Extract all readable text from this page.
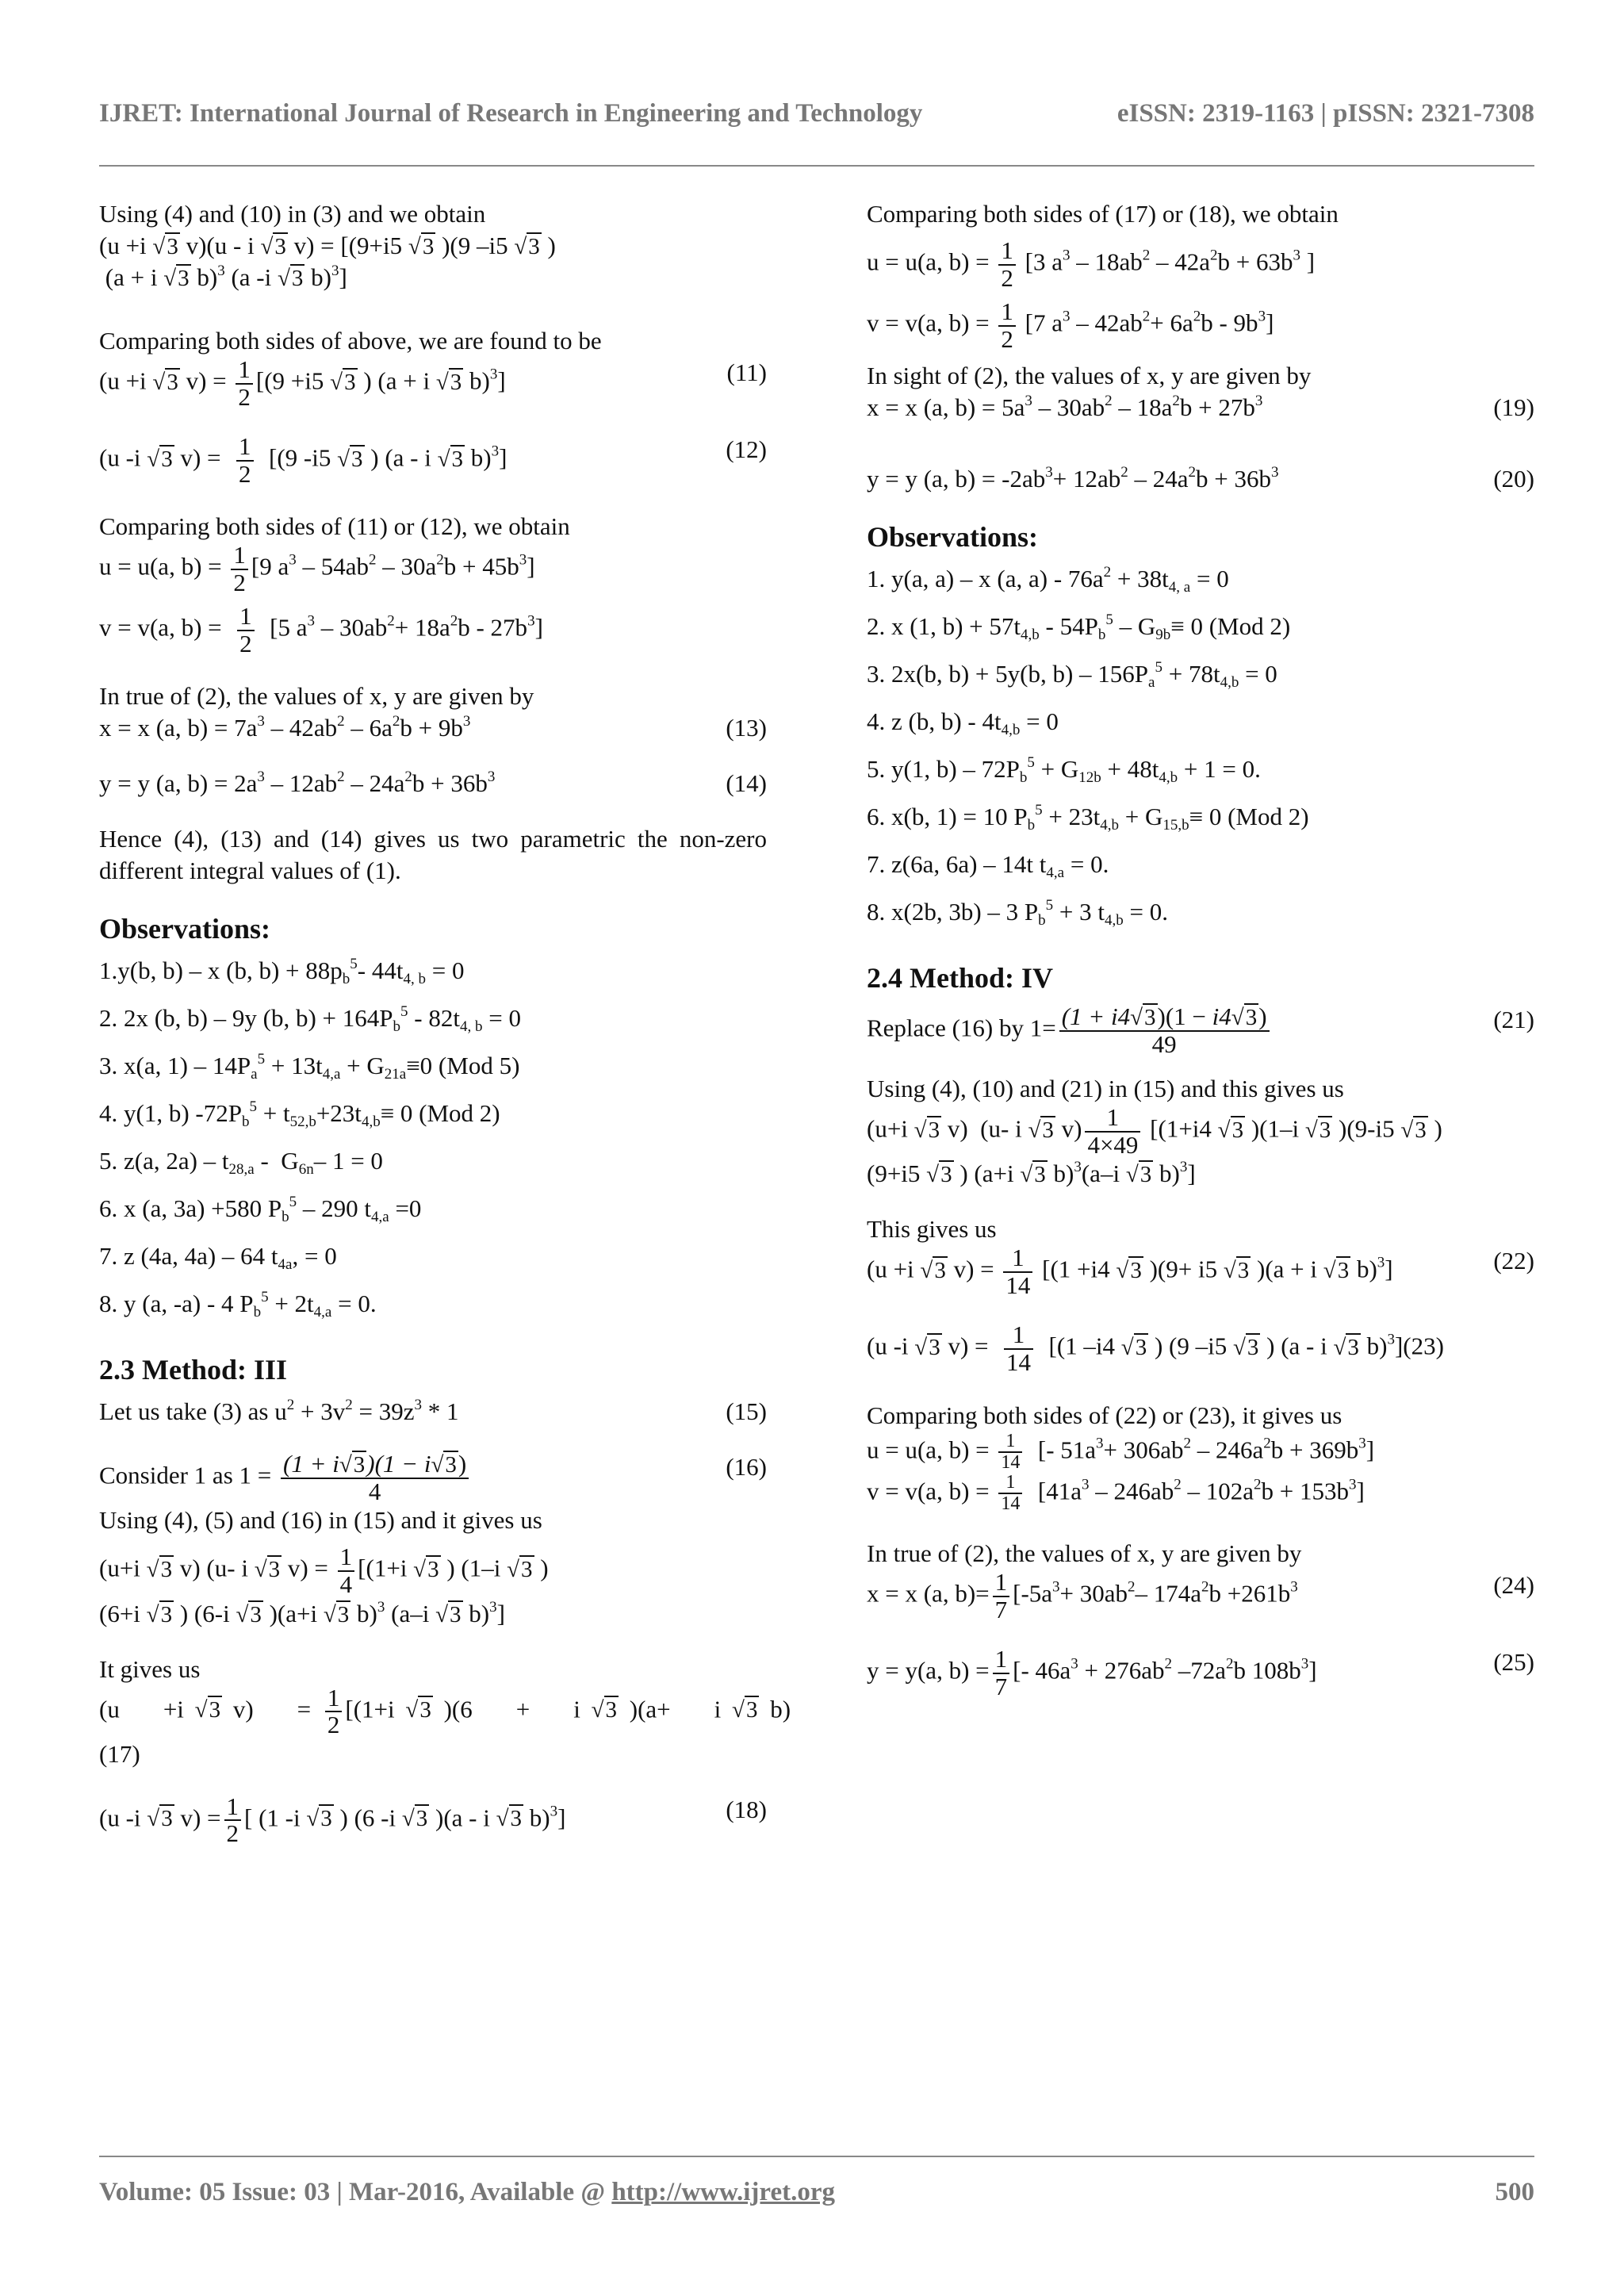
IJRET: International Journal of Research in Engineering and Technology	eISSN: 2319-1163 | pISSN: 2321-7308

Using (4) and (10) in (3) and we obtain

(u +i √3 v)(u - i √3 v) = [(9+i5 √3 )(9 –i5 √3 )

(a + i √3 b)$^3$ (a -i √3 b)$^3$]

Comparing both sides of above, we are found to be

(u +i √3 $v) = \frac{1}{2} [(9 +i5$ √3 ) (a + i √3 b)$^3$]	(11)

(u -i √3 $v) = \frac{1}{2} [(9$ -i5 √3 ) (a - i √3 b)$^3$]	(12)

Comparing both sides of (11) or (12), we obtain

u = u(a, $b) = \frac{1}{2} [9$ $a^3 - 54ab^2 - 30a^2b + 45b^3$]

v = v(a, $b) = \frac{1}{2} [5$ $a^3 - 30ab^2+ 18a^2b - 27b^3$]

In true of (2), the values of x, y are given by

x = x (a, $b) = 7a^3 - 42ab^2 - 6a^2b + 9b^3$	(13)

y = y (a, $b) = 2a^3 - 12ab^2 - 24a^2b + 36b^3$	(14)

Hence (4), (13) and (14) gives us two parametric the non-zero different integral values of (1).

Observations:

1.y(b, b) – x (b, $b) + 88p_b^5-$ $44t_{4, b} = 0$

2. 2x (b, b) – 9y (b, $b) + 164P_b^5 - 82t_{4, b} = 0$

3. x(a, $1) - 14P_a^5 + 13t_{4,a} + G_{21a}\equiv 0$ (Mod 5)

4. y(1, b) $-72P_b^5 + t_{52,b}+23t_{4,b}\equiv 0$ (Mod 2)

5. z(a, $2a) - t_{28,a} - G_{6n}-$ 1 = 0

6. x (a, 3a) +580 $P_b^5 - 290$ $t_{4,a} =0$

7. z (4a, 4a) – 64 $t_{4a}$, = 0

8. y (a, -a) - 4 $P_b^5 + 2t_{4,a} = 0$.

2.3 Method: III

Let us take (3) as $u^2 + 3v^2 = 39z^3 * 1$	(15)

Consider 1 as $1 = \frac{(1 + i√3)(1 - i√3)}{4}$	(16)

Using (4), (5) and (16) in (15) and it gives us

(u+i √3 v) (u- i √3 $v) = \frac{1}{4} [(1+i$ √3 ) (1–i √3 )

(6+i √3 ) (6-i √3 )(a+i √3 b)$^3$ (a–i √3 b)$^3$]

It gives us

(u    +i √3 v)    = $\frac{1}{2} [(1+i$ √3 )(6    +    i √3 )(a+    i √3 b)

(17)

(u -i √3 $v) = \frac{1}{2}$ [ (1 -i √3 ) (6 -i √3 )(a - i √3 b)$^3$]	(18)

Comparing both sides of (17) or (18), we obtain

u = u(a, $b) = \frac{1}{2} [3$ $a^3 - 18ab^2 - 42a^2b + 63b^3$ ]

v = v(a, $b) = \frac{1}{2} [7$ $a^3 - 42ab^2+ 6a^2b - 9b^3$]

In sight of (2), the values of x, y are given by

x = x (a, $b) = 5a^3 - 30ab^2 - 18a^2b + 27b^3$	(19)

y = y (a, $b) = -2ab^3+ 12ab^2 - 24a^2b + 36b^3$	(20)

Observations:

1. y(a, a) – x (a, $a) - 76a^2 + 38t_{4, a} = 0$

2. x (1, $b) + 57t_{4,b} - 54P_b^5 - G_{9b}\equiv 0$ (Mod 2)

3. 2x(b, b) + 5y(b, $b) - 156P_a^5 + 78t_{4,b} = 0$

4. z (b, $b) - 4t_{4,b} = 0$

5. y(1, $b) - 72P_b^5 + G_{12b} + 48t_{4,b} + 1 = 0$.

6. x(b, 1) = 10 $P_b^5 + 23t_{4,b} + G_{15,b}\equiv 0$ (Mod 2)

7. z(6a, 6a) – 14t $t_{4,a} = 0$.

8. x(2b, 3b) – 3 $P_b^5 + 3$ $t_{4,b} = 0$.

2.4 Method: IV

Replace (16) by $1= \frac{(1 + i4√3)(1 - i4√3)}{49}$	(21)

Using (4), (10) and (21) in (15) and this gives us

(u+i √3 v)  (u- i √3 $v) \frac{1}{4\times 49} [(1+i4$ √3 )(1–i √3 )(9-i5 √3 )

(9+i5 √3 ) (a+i √3 b)$^3$(a–i √3 b)$^3$]

This gives us

(u +i √3 $v) = \frac{1}{14} [(1 +i4$ √3 )(9+ i5 √3 )(a + i √3 b)$^3$]	(22)

(u -i √3 $v) = \frac{1}{14} [(1$ –i4 √3 ) (9 –i5 √3 ) (a - i √3 b)$^3$](23)

Comparing both sides of (22) or (23), it gives us

u = u(a, $b) = \frac{1}{14}$ [- $51a^3+ 306ab^2 - 246a^2b + 369b^3$]

v = v(a, $b) = \frac{1}{14} [41a^3 - 246ab^2 - 102a^2b + 153b^3]$

In true of (2), the values of x, y are given by

x = x (a, $b)= \frac{1}{7} [-5a^3+ 30ab^2-$ $174a^2b +261b^3$	(24)

y = y(a, $b) = \frac{1}{7}$ [- $46a^3 + 276ab^2$ $-72a^2b$ $108b^3$]	(25)

Volume: 05 Issue: 03 | Mar-2016, Available @ http://www.ijret.org	500
